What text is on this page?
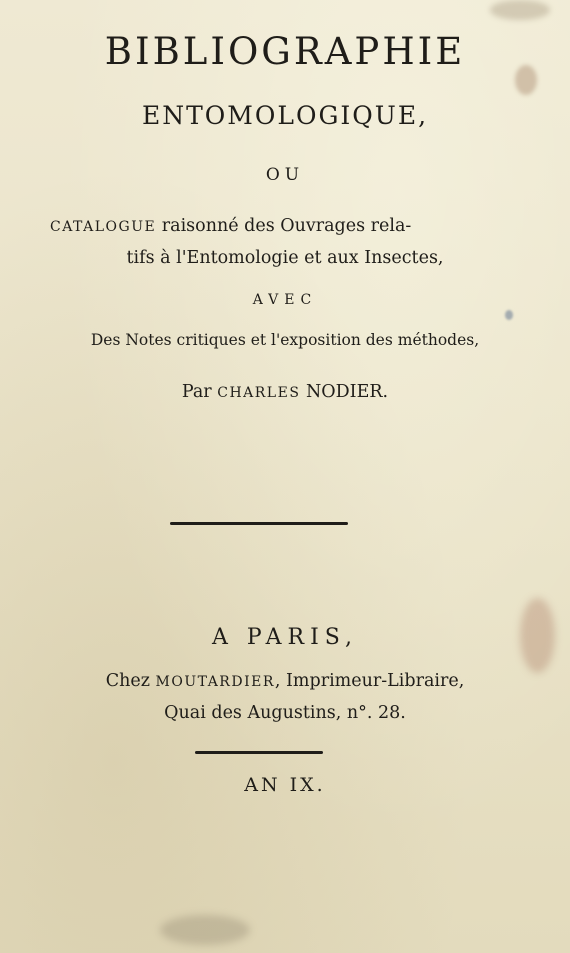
BIBLIOGRAPHIE

ENTOMOLOGIQUE,

OU

CATALOGUE raisonné des Ouvrages rela-

tifs à l'Entomologie et aux Insectes,

AVEC

Des Notes critiques et l'exposition des méthodes,

Par CHARLES NODIER.

A PARIS,

Chez MOUTARDIER, Imprimeur-Libraire,

Quai des Augustins, n°. 28.

AN IX.
